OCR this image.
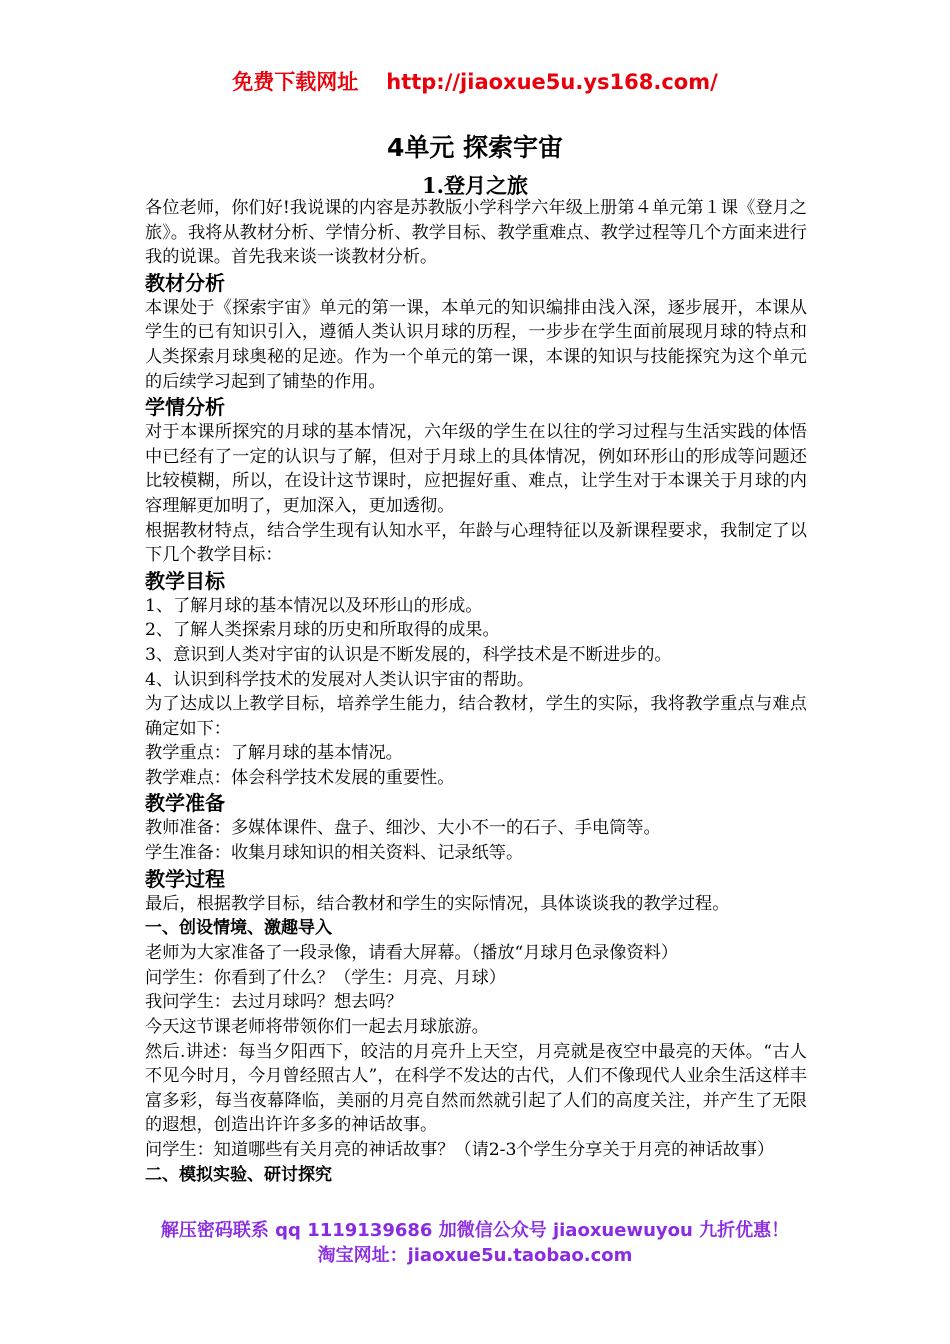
免费下载网址 http://jiaoxue5u.ys168.com/
4单元 探索宇宙
1.登月之旅

各位老师，你们好!我说课的内容是苏教版小学科学六年级上册第４单元第１课《登月之旅》。我将从教材分析、学情分析、教学目标、教学重难点、教学过程等几个方面来进行我的说课。首先我来谈一谈教材分析。

教材分析

本课处于《探索宇宙》单元的第一课，本单元的知识编排由浅入深，逐步展开，本课从学生的已有知识引入，遵循人类认识月球的历程，一步步在学生面前展现月球的特点和人类探索月球奥秘的足迹。作为一个单元的第一课，本课的知识与技能探究为这个单元的后续学习起到了铺垫的作用。

学情分析

对于本课所探究的月球的基本情况，六年级的学生在以往的学习过程与生活实践的体悟中已经有了一定的认识与了解，但对于月球上的具体情况，例如环形山的形成等问题还比较模糊，所以，在设计这节课时，应把握好重、难点，让学生对于本课关于月球的内容理解更加明了，更加深入，更加透彻。

根据教材特点，结合学生现有认知水平，年龄与心理特征以及新课程要求，我制定了以下几个教学目标：

教学目标

1、了解月球的基本情况以及环形山的形成。

2、了解人类探索月球的历史和所取得的成果。

3、意识到人类对宇宙的认识是不断发展的，科学技术是不断进步的。

4、认识到科学技术的发展对人类认识宇宙的帮助。

为了达成以上教学目标，培养学生能力，结合教材，学生的实际，我将教学重点与难点确定如下：

教学重点：了解月球的基本情况。

教学难点：体会科学技术发展的重要性。

教学准备

教师准备：多媒体课件、盘子、细沙、大小不一的石子、手电筒等。

学生准备：收集月球知识的相关资料、记录纸等。

教学过程

最后，根据教学目标，结合教材和学生的实际情况，具体谈谈我的教学过程。

一、创设情境、激趣导入

老师为大家准备了一段录像，请看大屏幕。（播放“月球月色录像资料）

问学生：你看到了什么？（学生：月亮、月球）

我问学生：去过月球吗？想去吗？

今天这节课老师将带领你们一起去月球旅游。

然后.讲述：每当夕阳西下，皎洁的月亮升上天空，月亮就是夜空中最亮的天体。“古人不见今时月，今月曾经照古人”，在科学不发达的古代，人们不像现代人业余生活这样丰富多彩，每当夜幕降临，美丽的月亮自然而然就引起了人们的高度关注，并产生了无限的遐想，创造出许许多多的神话故事。

问学生：知道哪些有关月亮的神话故事？（请2-3个学生分享关于月亮的神话故事）

二、模拟实验、研讨探究
解压密码联系 qq 1119139686 加微信公众号 jiaoxuewuyou 九折优惠！
淘宝网址：jiaoxue5u.taobao.com
